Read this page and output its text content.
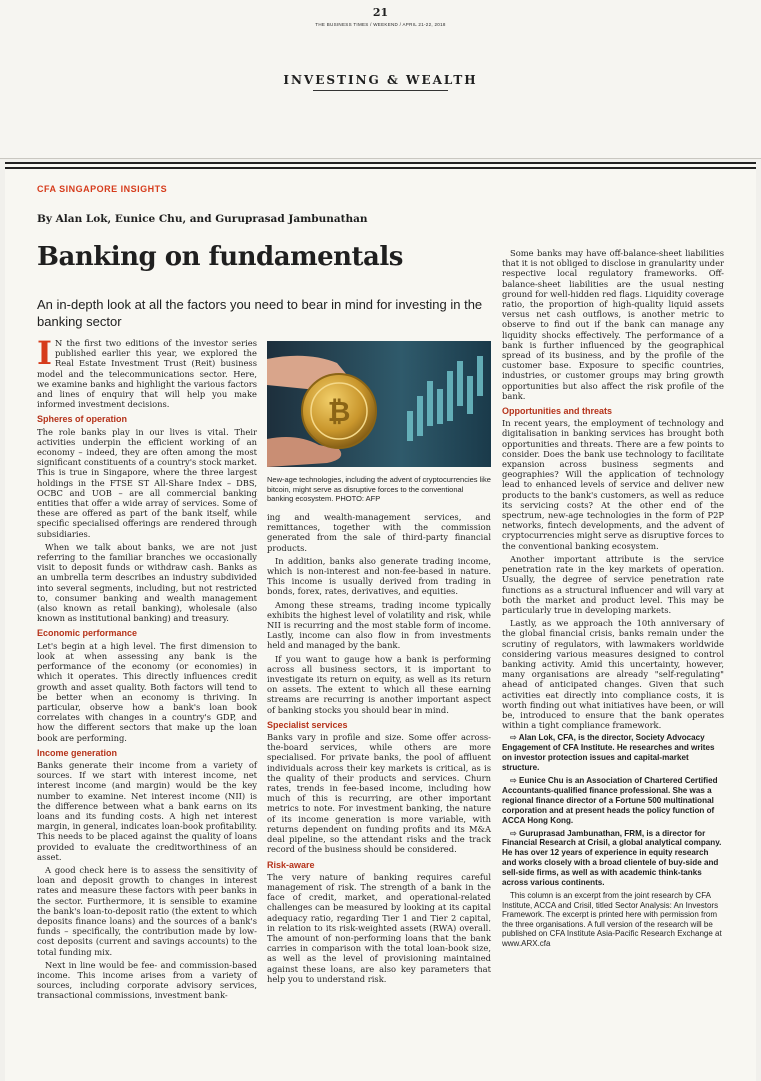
21
THE BUSINESS TIMES / WEEKEND / APRIL 21-22, 2018
INVESTING & WEALTH
CFA SINGAPORE INSIGHTS
By Alan Lok, Eunice Chu, and Guruprasad Jambunathan
Banking on fundamentals
An in-depth look at all the factors you need to bear in mind for investing in the banking sector
₿
New-age technologies, including the advent of cryptocurrencies like bitcoin, might serve as disruptive forces to the conventional banking ecosystem. PHOTO: AFP

I N the first two editions of the investor series published earlier this year, we explored the Real Estate Investment Trust (Reit) business model and the telecommunications sector. Here, we examine banks and highlight the various factors and lines of enquiry that will help you make informed investment decisions.

Spheres of operation

The role banks play in our lives is vital. Their activities underpin the efficient working of an economy – indeed, they are often among the most significant constituents of a country's stock market. This is true in Singapore, where the three largest holdings in the FTSE ST All-Share Index – DBS, OCBC and UOB – are all commercial banking entities that offer a wide array of services. Some of these are offered as part of the bank itself, while specific specialised offerings are rendered through subsidiaries.

When we talk about banks, we are not just referring to the familiar branches we occasionally visit to deposit funds or withdraw cash. Banks as an umbrella term describes an industry subdivided into several segments, including, but not restricted to, consumer banking and wealth management (also known as retail banking), wholesale (also known as institutional banking) and treasury.

Economic performance

Let's begin at a high level. The first dimension to look at when assessing any bank is the performance of the economy (or economies) in which it operates. This directly influences credit growth and asset quality. Both factors will tend to be better when an economy is thriving. In particular, observe how a bank's loan book correlates with changes in a country's GDP, and how the different sectors that make up the loan book are performing.

Income generation

Banks generate their income from a variety of sources. If we start with interest income, net interest income (and margin) would be the key number to examine. Net interest income (NII) is the difference between what a bank earns on its loans and its funding costs. A high net interest margin, in general, indicates loan-book profitability. This needs to be placed against the quality of loans provided to evaluate the creditworthiness of an asset.

A good check here is to assess the sensitivity of loan and deposit growth to changes in interest rates and measure these factors with peer banks in the sector. Furthermore, it is sensible to examine the bank's loan-to-deposit ratio (the extent to which deposits finance loans) and the sources of a bank's funds – specifically, the contribution made by low-cost deposits (current and savings accounts) to the total funding mix.

Next in line would be fee- and commission-based income. This income arises from a variety of sources, including corporate advisory services, transactional commissions, investment bank-

ing and wealth-management services, and remittances, together with the commission generated from the sale of third-party financial products.

In addition, banks also generate trading income, which is non-interest and non-fee-based in nature. This income is usually derived from trading in bonds, forex, rates, derivatives, and equities.

Among these streams, trading income typically exhibits the highest level of volatility and risk, while NII is recurring and the most stable form of income. Lastly, income can also flow in from investments held and managed by the bank.

If you want to gauge how a bank is performing across all business sectors, it is important to investigate its return on equity, as well as its return on assets. The extent to which all these earning streams are recurring is another important aspect of banking stocks you should bear in mind.

Specialist services

Banks vary in profile and size. Some offer across-the-board services, while others are more specialised. For private banks, the pool of affluent individuals across their key markets is critical, as is the quality of their products and services. Churn rates, trends in fee-based income, including how much of this is recurring, are other important metrics to note. For investment banking, the nature of its income generation is more variable, with returns dependent on funding profits and its M&A deal pipeline, so the attendant risks and the track record of the business should be considered.

Risk-aware

The very nature of banking requires careful management of risk. The strength of a bank in the face of credit, market, and operational-related challenges can be measured by looking at its capital adequacy ratio, regarding Tier 1 and Tier 2 capital, in relation to its risk-weighted assets (RWA) overall. The amount of non-performing loans that the bank carries in comparison with the total loan-book size, as well as the level of provisioning maintained against these loans, are also key parameters that help you to understand risk.

Some banks may have off-balance-sheet liabilities that it is not obliged to disclose in granularity under respective local regulatory frameworks. Off-balance-sheet liabilities are the usual nesting ground for well-hidden red flags. Liquidity coverage ratio, the proportion of high-quality liquid assets versus net cash outflows, is another metric to observe to find out if the bank can manage any liquidity shocks effectively. The performance of a bank is further influenced by the geographical spread of its business, and by the profile of the customer base. Exposure to specific countries, industries, or customer groups may bring growth opportunities but also affect the risk profile of the bank.

Opportunities and threats

In recent years, the employment of technology and digitalisation in banking services has brought both opportunities and threats. There are a few points to consider. Does the bank use technology to facilitate expansion across business segments and geographies? Will the application of technology lead to enhanced levels of service and deliver new products to the bank's customers, as well as reduce its servicing costs? At the other end of the spectrum, new-age technologies in the form of P2P networks, fintech developments, and the advent of cryptocurrencies might serve as disruptive forces to the conventional banking ecosystem.

Another important attribute is the service penetration rate in the key markets of operation. Usually, the degree of service penetration rate functions as a structural influencer and will vary at both the market and product level. This may be particularly true in developing markets.

Lastly, as we approach the 10th anniversary of the global financial crisis, banks remain under the scrutiny of regulators, with lawmakers worldwide considering various measures designed to control banking activity. Amid this uncertainty, however, many organisations are already "self-regulating" ahead of anticipated changes. Given that such activities eat directly into compliance costs, it is worth finding out what initiatives have been, or will be, introduced to ensure that the bank operates within a tight compliance framework.

⇨ Alan Lok, CFA, is the director, Society Advocacy Engagement of CFA Institute. He researches and writes on investor protection issues and capital-market structure.

⇨ Eunice Chu is an Association of Chartered Certified Accountants-qualified finance professional. She was a regional finance director of a Fortune 500 multinational corporation and at present heads the policy function of ACCA Hong Kong.

⇨ Guruprasad Jambunathan, FRM, is a director for Financial Research at Crisil, a global analytical company. He has over 12 years of experience in equity research and works closely with a broad clientele of buy-side and sell-side firms, as well as with academic think-tanks across various continents.

This column is an excerpt from the joint research by CFA Institute, ACCA and Crisil, titled Sector Analysis: An Investors Framework. The excerpt is printed here with permission from the three organisations. A full version of the research will be published on CFA Institute Asia-Pacific Research Exchange at www.ARX.cfa
